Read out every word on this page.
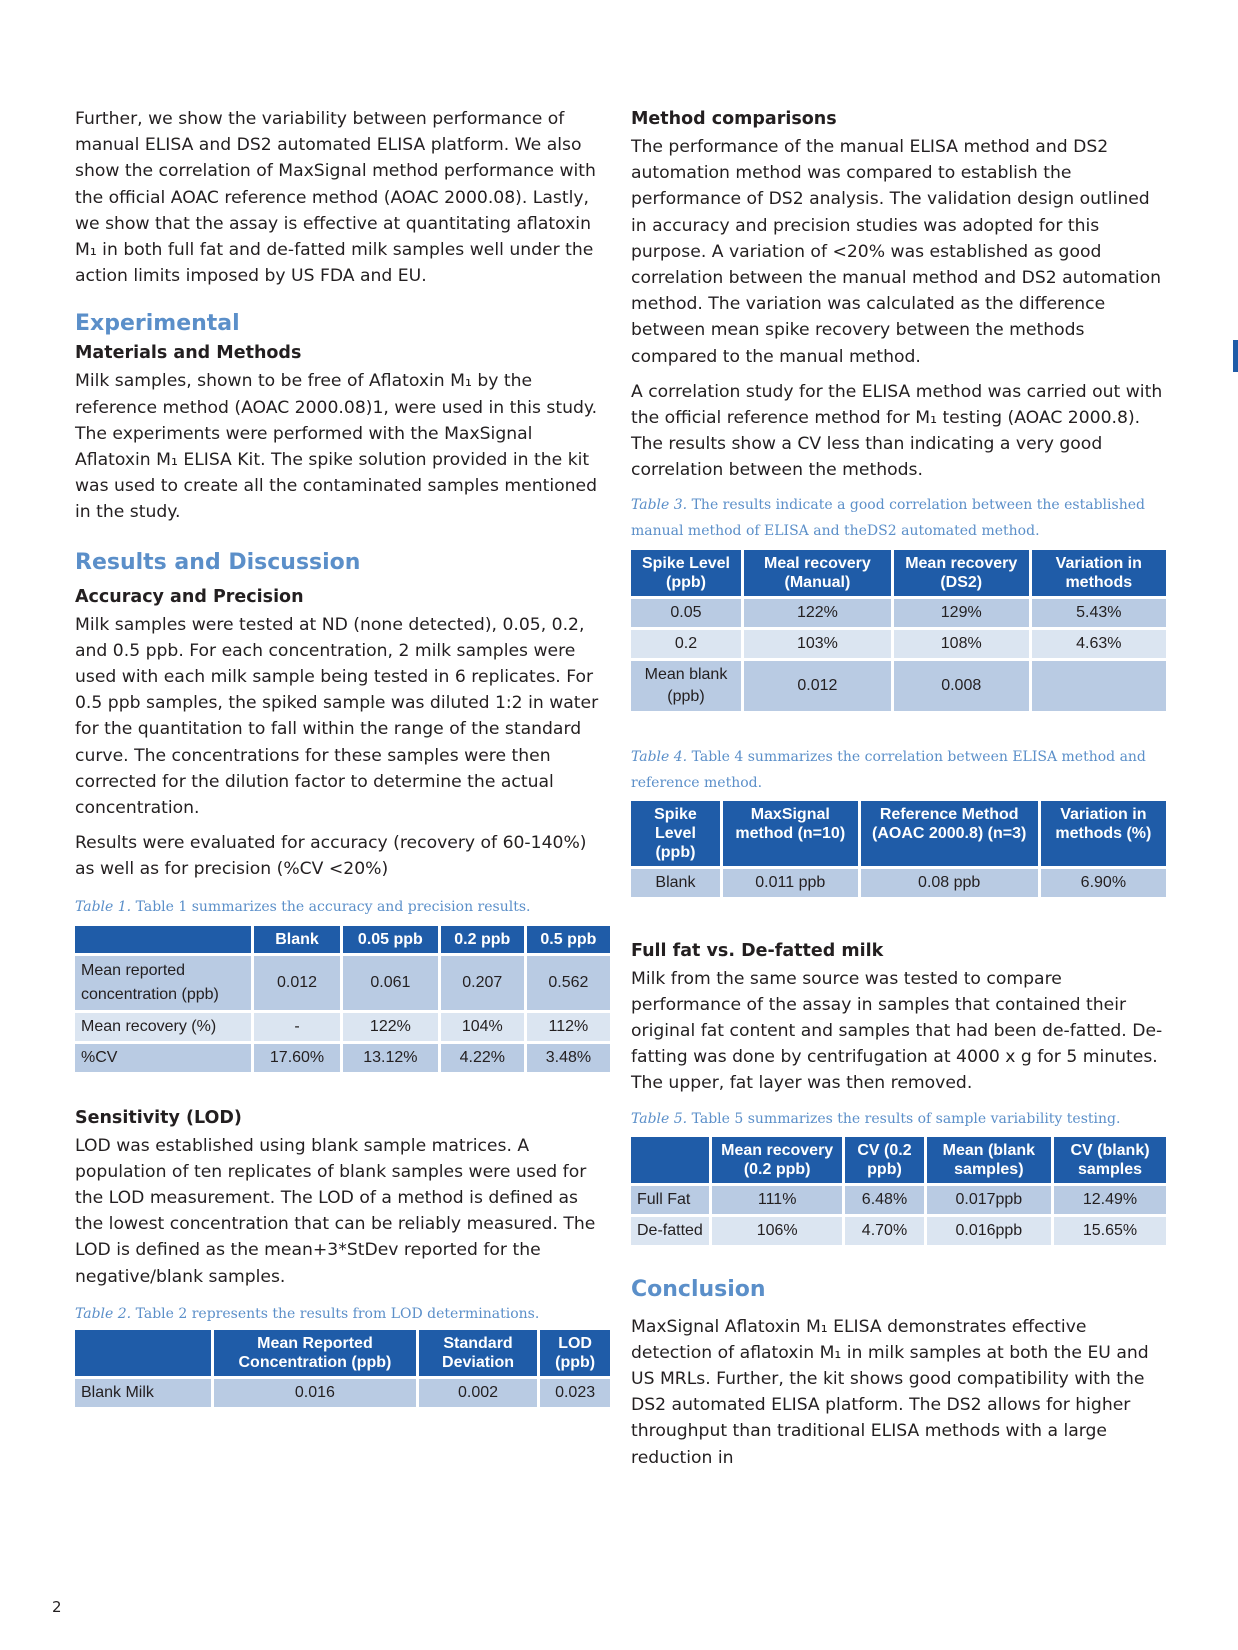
Further, we show the variability between performance of manual ELISA and DS2 automated ELISA platform. We also show the correlation of MaxSignal method performance with the official AOAC reference method (AOAC 2000.08). Lastly, we show that the assay is effective at quantitating aflatoxin M₁ in both full fat and de-fatted milk samples well under the action limits imposed by US FDA and EU.

Experimental
Materials and Methods

Milk samples, shown to be free of Aflatoxin M₁ by the reference method (AOAC 2000.08)1, were used in this study. The experiments were performed with the MaxSignal Aflatoxin M₁ ELISA Kit. The spike solution provided in the kit was used to create all the contaminated samples mentioned in the study.

Results and Discussion
Accuracy and Precision

Milk samples were tested at ND (none detected), 0.05, 0.2, and 0.5 ppb. For each concentration, 2 milk samples were used with each milk sample being tested in 6 replicates. For 0.5 ppb samples, the spiked sample was diluted 1:2 in water for the quantitation to fall within the range of the standard curve. The concentrations for these samples were then corrected for the dilution factor to determine the actual concentration.

Results were evaluated for accuracy (recovery of 60-140%) as well as for precision (%CV <20%)

Table 1. Table 1 summarizes the accuracy and precision results.

	Blank	0.05 ppb	0.2 ppb	0.5 ppb
Mean reported concentration (ppb)	0.012	0.061	0.207	0.562
Mean recovery (%)	-	122%	104%	112%
%CV	17.60%	13.12%	4.22%	3.48%
Sensitivity (LOD)

LOD was established using blank sample matrices. A population of ten replicates of blank samples were used for the LOD measurement. The LOD of a method is defined as the lowest concentration that can be reliably measured. The LOD is defined as the mean+3*StDev reported for the negative/blank samples.

Table 2. Table 2 represents the results from LOD determinations.

	Mean Reported Concentration (ppb)	Standard Deviation	LOD (ppb)
Blank Milk	0.016	0.002	0.023
Method comparisons

The performance of the manual ELISA method and DS2 automation method was compared to establish the performance of DS2 analysis. The validation design outlined in accuracy and precision studies was adopted for this purpose. A variation of <20% was established as good correlation between the manual method and DS2 automation method. The variation was calculated as the difference between mean spike recovery between the methods compared to the manual method.

A correlation study for the ELISA method was carried out with the official reference method for M₁ testing (AOAC 2000.8). The results show a CV less than indicating a very good correlation between the methods.

Table 3. The results indicate a good correlation between the established manual method of ELISA and theDS2 automated method.

Spike Level (ppb)	Meal recovery (Manual)	Mean recovery (DS2)	Variation in methods
0.05	122%	129%	5.43%
0.2	103%	108%	4.63%
Mean blank (ppb)	0.012	0.008	

Table 4. Table 4 summarizes the correlation between ELISA method and reference method.

Spike Level (ppb)	MaxSignal method (n=10)	Reference Method (AOAC 2000.8) (n=3)	Variation in methods (%)
Blank	0.011 ppb	0.08 ppb	6.90%
Full fat vs. De-fatted milk

Milk from the same source was tested to compare performance of the assay in samples that contained their original fat content and samples that had been de-fatted. De-fatting was done by centrifugation at 4000 x g for 5 minutes. The upper, fat layer was then removed.

Table 5. Table 5 summarizes the results of sample variability testing.

	Mean recovery (0.2 ppb)	CV (0.2 ppb)	Mean (blank samples)	CV (blank) samples
Full Fat	111%	6.48%	0.017ppb	12.49%
De-fatted	106%	4.70%	0.016ppb	15.65%
Conclusion

MaxSignal Aflatoxin M₁ ELISA demonstrates effective detection of aflatoxin M₁ in milk samples at both the EU and US MRLs. Further, the kit shows good compatibility with the DS2 automated ELISA platform. The DS2 allows for higher throughput than traditional ELISA methods with a large reduction in

2
